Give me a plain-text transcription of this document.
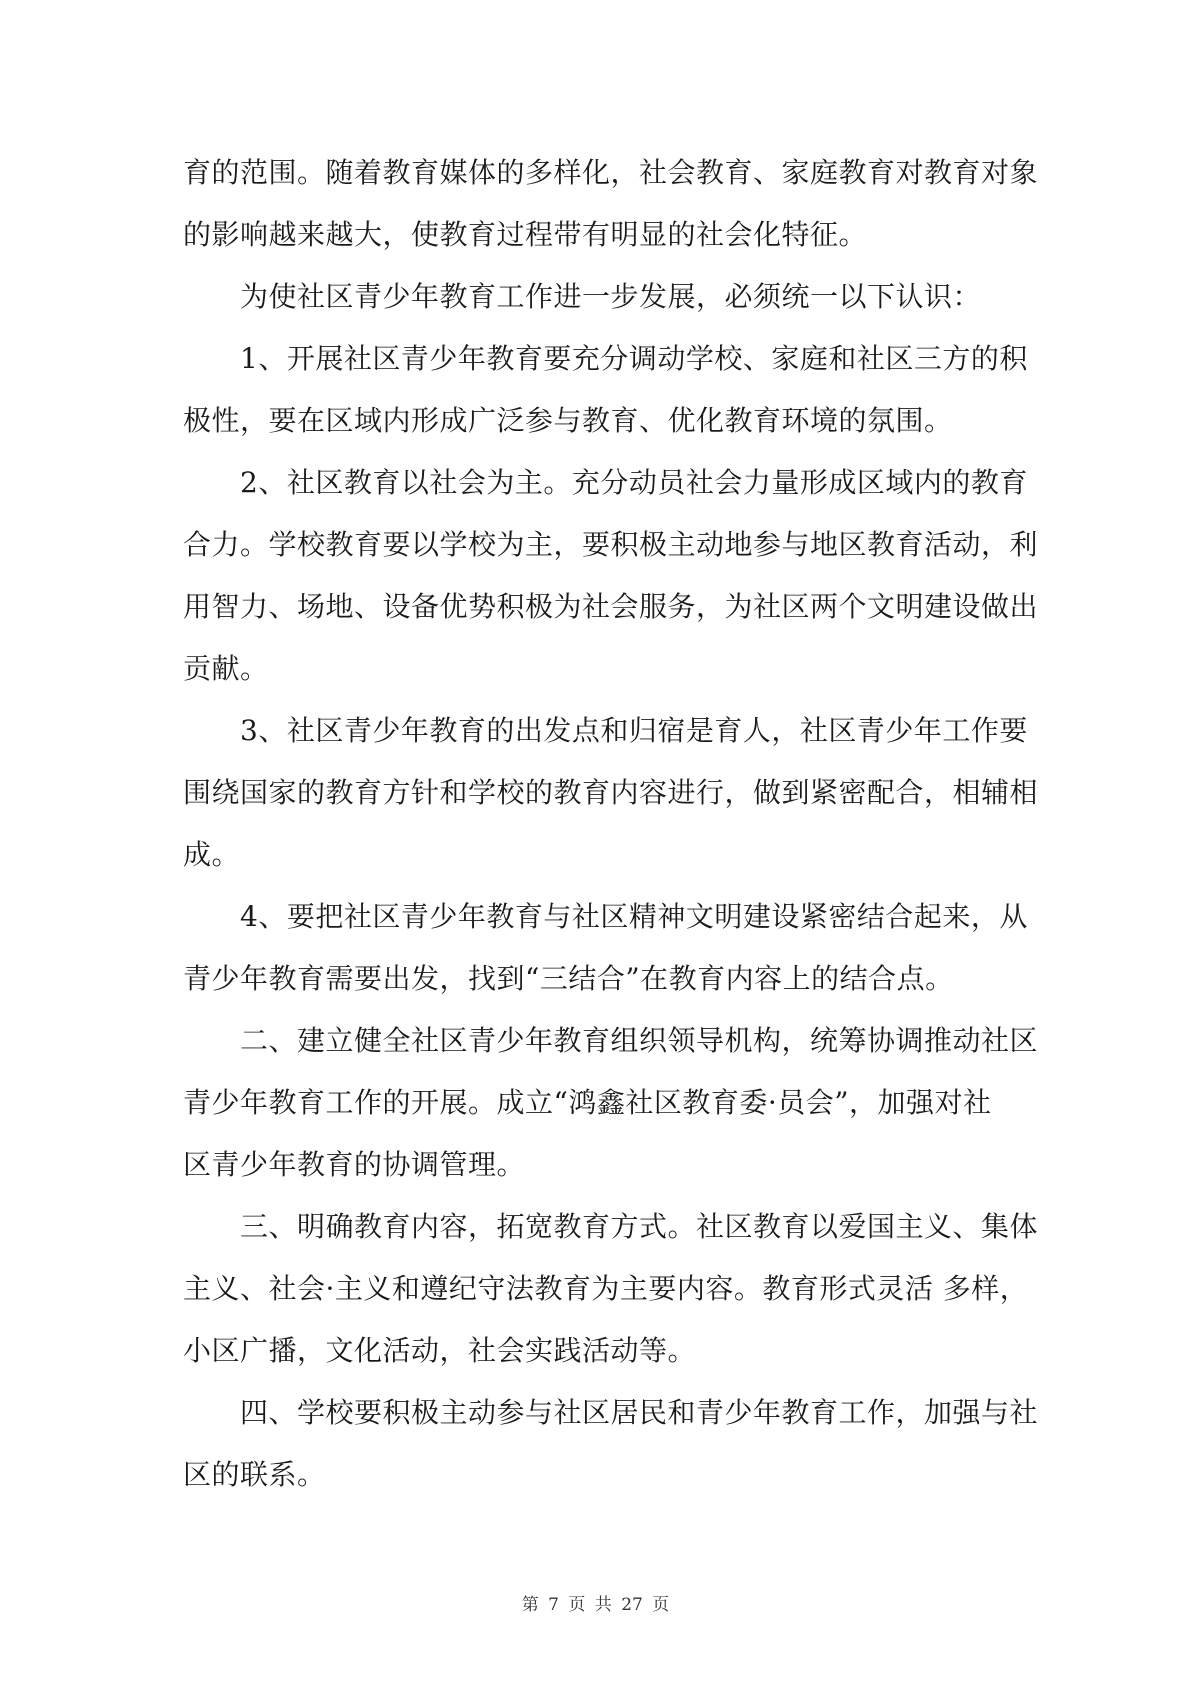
育的范围。随着教育媒体的多样化，社会教育、家庭教育对教育对象
的影响越来越大，使教育过程带有明显的社会化特征。
为使社区青少年教育工作进一步发展，必须统一以下认识：
1、开展社区青少年教育要充分调动学校、家庭和社区三方的积
极性，要在区域内形成广泛参与教育、优化教育环境的氛围。
2、社区教育以社会为主。充分动员社会力量形成区域内的教育
合力。学校教育要以学校为主，要积极主动地参与地区教育活动，利
用智力、场地、设备优势积极为社会服务，为社区两个文明建设做出
贡献。
3、社区青少年教育的出发点和归宿是育人，社区青少年工作要
围绕国家的教育方针和学校的教育内容进行，做到紧密配合，相辅相
成。
4、要把社区青少年教育与社区精神文明建设紧密结合起来，从
青少年教育需要出发，找到“三结合”在教育内容上的结合点。
二、建立健全社区青少年教育组织领导机构，统筹协调推动社区
青少年教育工作的开展。成立“鸿鑫社区教育委·员会”，加强对社
区青少年教育的协调管理。
三、明确教育内容，拓宽教育方式。社区教育以爱国主义、集体
主义、社会·主义和遵纪守法教育为主要内容。教育形式灵活 多样，
小区广播，文化活动，社会实践活动等。
四、学校要积极主动参与社区居民和青少年教育工作，加强与社
区的联系。
第 7 页 共 27 页
